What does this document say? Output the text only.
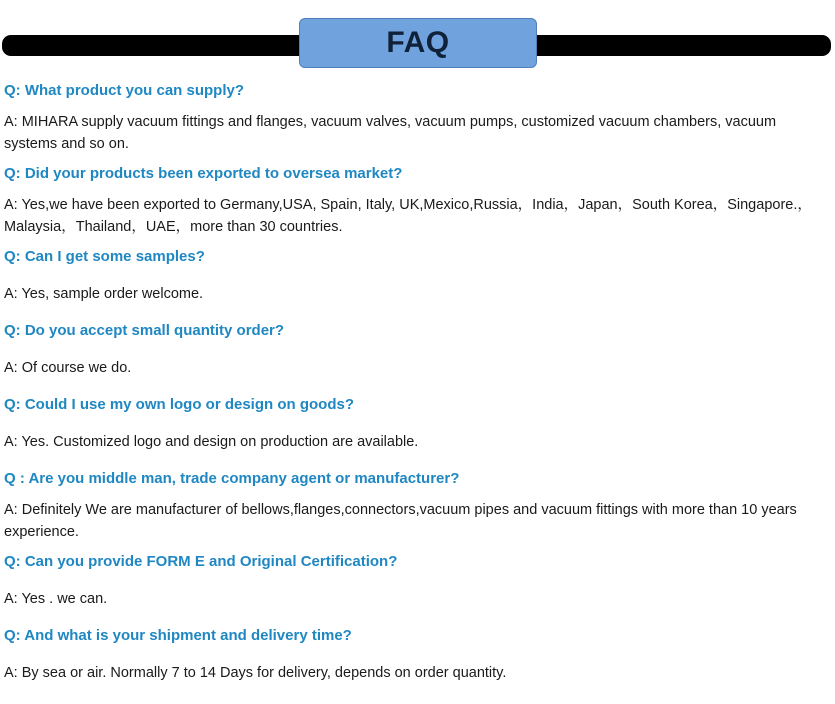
FAQ
Q: What product you can supply?
A: MIHARA supply vacuum fittings and flanges, vacuum valves, vacuum pumps, customized vacuum chambers, vacuum systems and so on.
Q: Did your products been exported to oversea market?
A: Yes,we have been exported to Germany,USA, Spain, Italy, UK,Mexico,Russia，India，Japan，South Korea，Singapore.，Malaysia，Thailand，UAE，more than 30 countries.
Q: Can I get some samples?
A: Yes, sample order welcome.
Q: Do you accept small quantity order?
A: Of course we do.
Q: Could I use my own logo or design on goods?
A: Yes. Customized logo and design on production are available.
Q : Are you middle man, trade company agent or manufacturer?
A: Definitely We are manufacturer of bellows,flanges,connectors,vacuum pipes and vacuum fittings with more than 10 years experience.
Q: Can you provide FORM E and Original Certification?
A: Yes . we can.
Q: And what is your shipment and delivery time?
A: By sea or air. Normally 7 to 14 Days for delivery, depends on order quantity.
